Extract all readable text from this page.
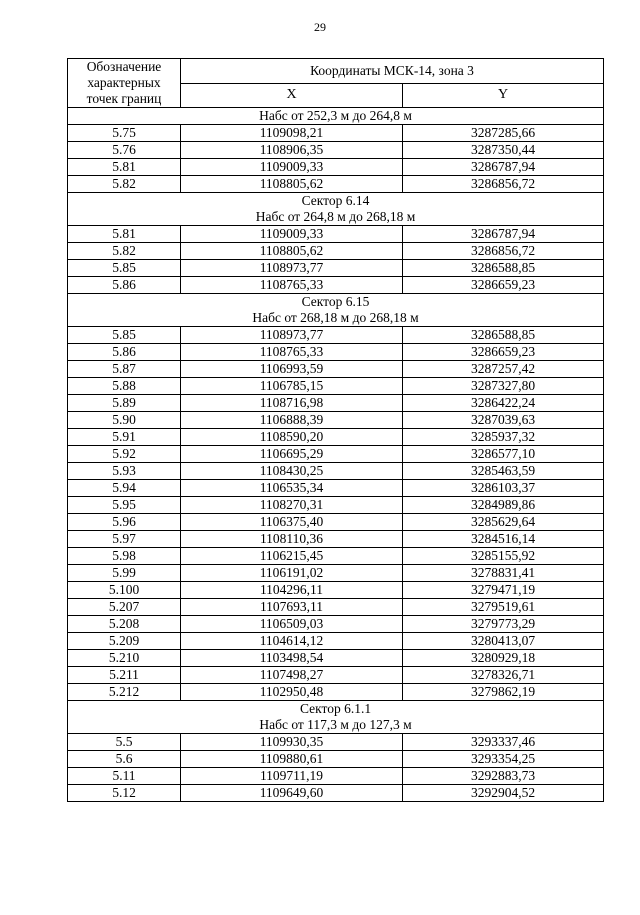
29
Обозначение
характерных
точек границ	Координаты МСК-14, зона 3	
	X	Y
Набс от 252,3 м до 264,8 м		
5.75	1109098,21	3287285,66
5.76	1108906,35	3287350,44
5.81	1109009,33	3286787,94
5.82	1108805,62	3286856,72
Сектор 6.14		
Набс от 264,8 м до 268,18 м		
5.81	1109009,33	3286787,94
5.82	1108805,62	3286856,72
5.85	1108973,77	3286588,85
5.86	1108765,33	3286659,23
Сектор 6.15		
Набс от 268,18 м до 268,18 м		
5.85	1108973,77	3286588,85
5.86	1108765,33	3286659,23
5.87	1106993,59	3287257,42
5.88	1106785,15	3287327,80
5.89	1108716,98	3286422,24
5.90	1106888,39	3287039,63
5.91	1108590,20	3285937,32
5.92	1106695,29	3286577,10
5.93	1108430,25	3285463,59
5.94	1106535,34	3286103,37
5.95	1108270,31	3284989,86
5.96	1106375,40	3285629,64
5.97	1108110,36	3284516,14
5.98	1106215,45	3285155,92
5.99	1106191,02	3278831,41
5.100	1104296,11	3279471,19
5.207	1107693,11	3279519,61
5.208	1106509,03	3279773,29
5.209	1104614,12	3280413,07
5.210	1103498,54	3280929,18
5.211	1107498,27	3278326,71
5.212	1102950,48	3279862,19
Сектор 6.1.1		
Набс от 117,3 м до 127,3 м		
5.5	1109930,35	3293337,46
5.6	1109880,61	3293354,25
5.11	1109711,19	3292883,73
5.12	1109649,60	3292904,52
